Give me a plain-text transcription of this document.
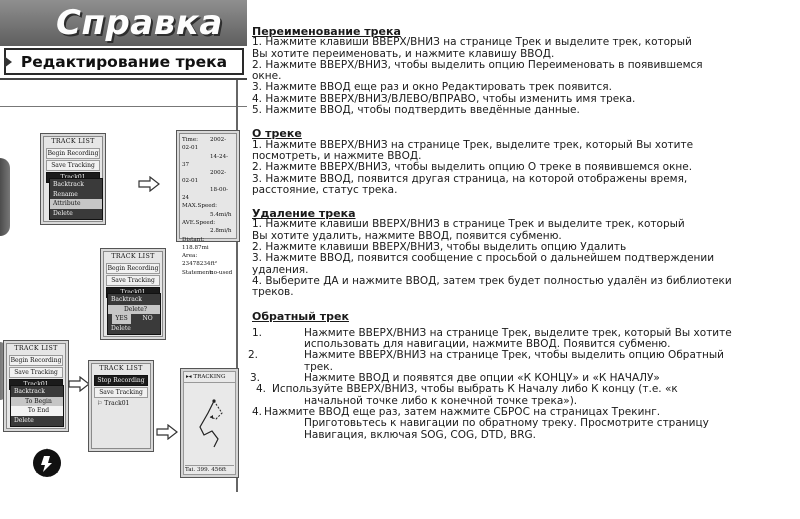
Справка
Редактирование трека
TRACK LIST
Begin Recording
Save Tracking
Backtrack
Rename
Attribute
Delete
Time: 2002-02-01
14-24-37
2002-02-01
18-00-24
MAX.Speed:
5.4mi/h
AVE.Speed:
2.8mi/h
Distant:118.87mi
Area:23478234ft²
Statement:no-used
TRACK LIST
Begin Recording
Save Tracking
Backtrack
Delete?
YES	NO
Delete
TRACK LIST
Begin Recording
Save Tracking
Backtrack
To Begin
To End
Delete
TRACK LIST
Stop Recording
Save Tracking
⚐ Track01
▸◂ TRACKING
Tai. 399. 456ft
Переименование трека
1. Нажмите клавиши ВВЕРХ/ВНИЗ на странице Трек и выделите трек, который
Вы хотите переименовать, и нажмите клавишу ВВОД.
2. Нажмите ВВЕРХ/ВНИЗ, чтобы выделить опцию Переименовать в появившемся
окне.
3. Нажмите ВВОД еще раз и окно Редактировать трек появится.
4. Нажмите ВВЕРХ/ВНИЗ/ВЛЕВО/ВПРАВО, чтобы изменить имя трека.
5. Нажмите ВВОД, чтобы подтвердить введённые данные.
О треке
1. Нажмите ВВЕРХ/ВНИЗ на странице Трек, выделите трек, который Вы хотите
посмотреть, и нажмите ВВОД.
2. Нажмите ВВЕРХ/ВНИЗ, чтобы выделить опцию О треке в появившемся окне.
3. Нажмите ВВОД, появится другая страница, на которой отображены время,
расстояние, статус трека.
Удаление трека
1. Нажмите клавиши ВВЕРХ/ВНИЗ в странице Трек и выделите трек, который
Вы хотите удалить, нажмите ВВОД, появится субменю.
2. Нажмите клавиши ВВЕРХ/ВНИЗ, чтобы выделить опцию Удалить
3. Нажмите ВВОД, появится сообщение с просьбой о дальнейшем подтверждении
удаления.
4. Выберите ДА и нажмите ВВОД, затем трек будет полностью удалён из библиотеки
треков.
Обратный трек
1.	Нажмите ВВЕРХ/ВНИЗ на странице Трек, выделите трек, который Вы хотите
использовать для навигации, нажмите ВВОД. Появится субменю.
2.	Нажмите ВВЕРХ/ВНИЗ на странице Трек, чтобы выделить опцию Обратный
трек.
3.	Нажмите ВВОД и появятся две опции «К КОНЦУ» и «К НАЧАЛУ»
4. Используйте ВВЕРХ/ВНИЗ, чтобы выбрать К Началу либо К концу (т.е. «к
начальной точке либо к конечной точке трека»).
4. Нажмите ВВОД еще раз, затем нажмите СБРОС на страницах Трекинг.
Приготовьтесь к навигации по обратному треку. Просмотрите страницу
Навигация, включая SOG, COG, DTD, BRG.
